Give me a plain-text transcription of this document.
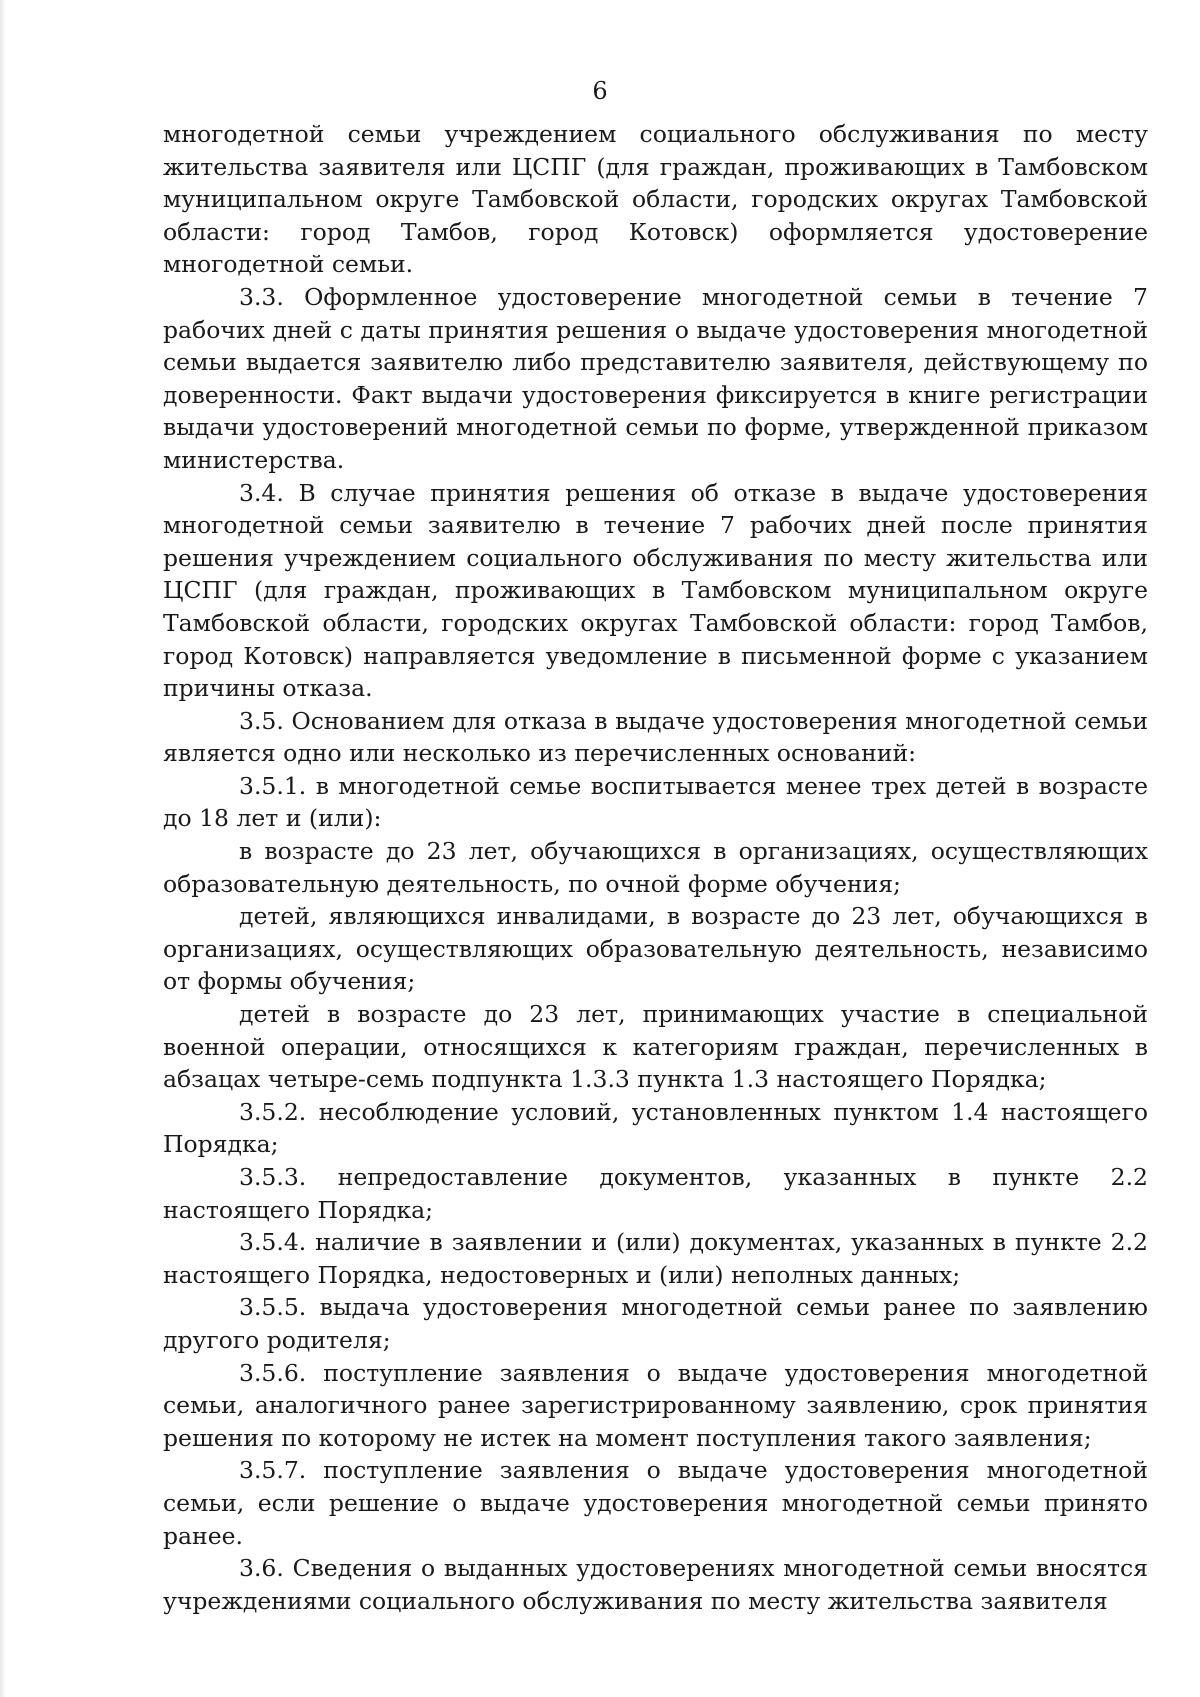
6

многодетной семьи учреждением социального обслуживания по месту жительства заявителя или ЦСПГ (для граждан, проживающих в Тамбовском муниципальном округе Тамбовской области, городских округах Тамбовской области: город Тамбов, город Котовск) оформляется удостоверение многодетной семьи.

3.3. Оформленное удостоверение многодетной семьи в течение 7 рабочих дней с даты принятия решения о выдаче удостоверения многодетной семьи выдается заявителю либо представителю заявителя, действующему по доверенности. Факт выдачи удостоверения фиксируется в книге регистрации выдачи удостоверений многодетной семьи по форме, утвержденной приказом министерства.

3.4. В случае принятия решения об отказе в выдаче удостоверения многодетной семьи заявителю в течение 7 рабочих дней после принятия решения учреждением социального обслуживания по месту жительства или ЦСПГ (для граждан, проживающих в Тамбовском муниципальном округе Тамбовской области, городских округах Тамбовской области: город Тамбов, город Котовск) направляется уведомление в письменной форме с указанием причины отказа.

3.5. Основанием для отказа в выдаче удостоверения многодетной семьи является одно или несколько из перечисленных оснований:

3.5.1. в многодетной семье воспитывается менее трех детей в возрасте до 18 лет и (или):

в возрасте до 23 лет, обучающихся в организациях, осуществляющих образовательную деятельность, по очной форме обучения;

детей, являющихся инвалидами, в возрасте до 23 лет, обучающихся в организациях, осуществляющих образовательную деятельность, независимо от формы обучения;

детей в возрасте до 23 лет, принимающих участие в специальной военной операции, относящихся к категориям граждан, перечисленных в абзацах четыре-семь подпункта 1.3.3 пункта 1.3 настоящего Порядка;

3.5.2. несоблюдение условий, установленных пунктом 1.4 настоящего Порядка;

3.5.3. непредоставление документов, указанных в пункте 2.2 настоящего Порядка;

3.5.4. наличие в заявлении и (или) документах, указанных в пункте 2.2 настоящего Порядка, недостоверных и (или) неполных данных;

3.5.5. выдача удостоверения многодетной семьи ранее по заявлению другого родителя;

3.5.6. поступление заявления о выдаче удостоверения многодетной семьи, аналогичного ранее зарегистрированному заявлению, срок принятия решения по которому не истек на момент поступления такого заявления;

3.5.7. поступление заявления о выдаче удостоверения многодетной семьи, если решение о выдаче удостоверения многодетной семьи принято ранее.

3.6. Сведения о выданных удостоверениях многодетной семьи вносятся учреждениями социального обслуживания по месту жительства заявителя
